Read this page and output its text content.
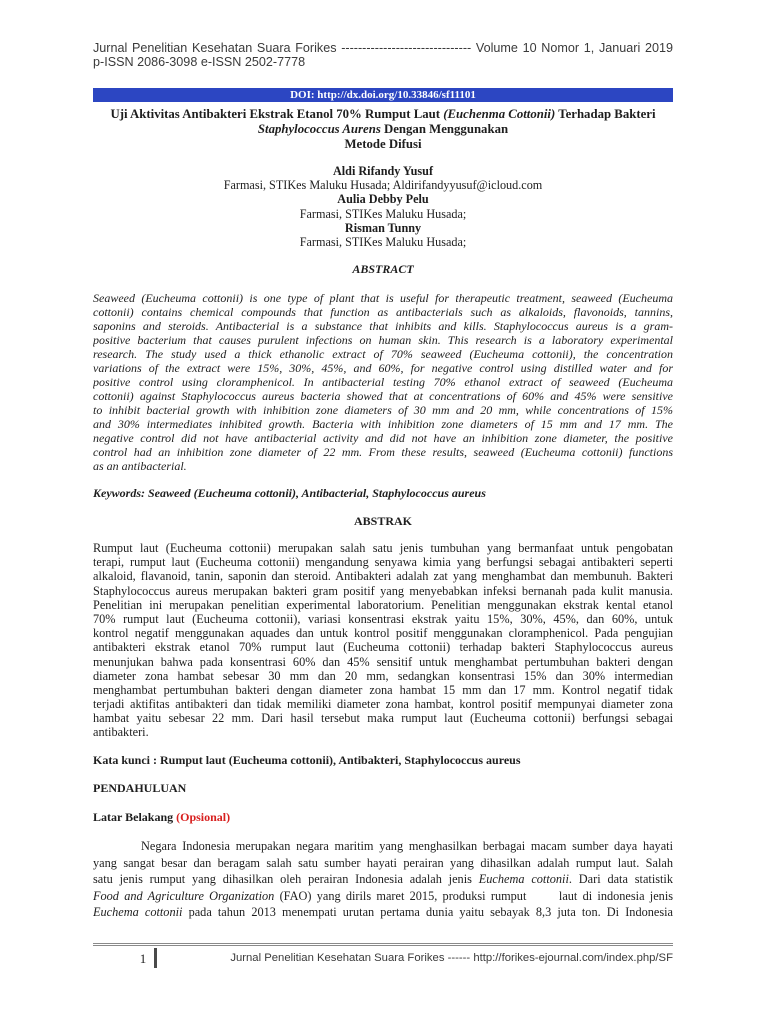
Jurnal Penelitian Kesehatan Suara Forikes ------------------------------- Volume 10 Nomor 1, Januari 2019
p-ISSN 2086-3098 e-ISSN 2502-7778
DOI: http://dx.doi.org/10.33846/sf11101
Uji Aktivitas Antibakteri Ekstrak Etanol 70% Rumput Laut (Euchenma Cottonii) Terhadap Bakteri
Staphylococcus Aurens Dengan Menggunakan
Metode Difusi
Aldi Rifandy Yusuf
Farmasi, STIKes Maluku Husada; Aldirifandyyusuf@icloud.com
Aulia Debby Pelu
Farmasi, STIKes Maluku Husada;
Risman Tunny
Farmasi, STIKes Maluku Husada;
ABSTRACT
Seaweed (Eucheuma cottonii) is one type of plant that is useful for therapeutic treatment, seaweed (Eucheuma
cottonii) contains chemical compounds that function as antibacterials such as alkaloids, flavonoids, tannins,
saponins and steroids. Antibacterial is a substance that inhibits and kills. Staphylococcus aureus is a gram-
positive bacterium that causes purulent infections on human skin. This research is a laboratory experimental
research. The study used a thick ethanolic extract of 70% seaweed (Eucheuma cottonii), the concentration
variations of the extract were 15%, 30%, 45%, and 60%, for negative control using distilled water and for
positive control using cloramphenicol. In antibacterial testing 70% ethanol extract of seaweed (Eucheuma
cottonii) against Staphylococcus aureus bacteria showed that at concentrations of 60% and 45% were sensitive
to inhibit bacterial growth with inhibition zone diameters of 30 mm and 20 mm, while concentrations of 15%
and 30% intermediates inhibited growth. Bacteria with inhibition zone diameters of 15 mm and 17 mm. The
negative control did not have antibacterial activity and did not have an inhibition zone diameter, the positive
control had an inhibition zone diameter of 22 mm. From these results, seaweed (Eucheuma cottonii) functions
as an antibacterial.
Keywords: Seaweed (Eucheuma cottonii), Antibacterial, Staphylococcus aureus
ABSTRAK
Rumput laut (Eucheuma cottonii) merupakan salah satu jenis tumbuhan yang bermanfaat untuk pengobatan
terapi, rumput laut (Eucheuma cottonii) mengandung senyawa kimia yang berfungsi sebagai antibakteri seperti
alkaloid, flavanoid, tanin, saponin dan steroid. Antibakteri adalah zat yang menghambat dan membunuh. Bakteri
Staphylococcus aureus merupakan bakteri gram positif yang menyebabkan infeksi bernanah pada kulit manusia.
Penelitian ini merupakan penelitian experimental laboratorium. Penelitian menggunakan ekstrak kental etanol
70% rumput laut (Eucheuma cottonii), variasi konsentrasi ekstrak yaitu 15%, 30%, 45%, dan 60%, untuk
kontrol negatif menggunakan aquades dan untuk kontrol positif menggunakan cloramphenicol. Pada pengujian
antibakteri ekstrak etanol 70% rumput laut (Eucheuma cottonii) terhadap bakteri Staphylococcus aureus
menunjukan bahwa pada konsentrasi 60% dan 45% sensitif untuk menghambat pertumbuhan bakteri dengan
diameter zona hambat sebesar 30 mm dan 20 mm, sedangkan konsentrasi 15% dan 30% intermedian
menghambat pertumbuhan bakteri dengan diameter zona hambat 15 mm dan 17 mm. Kontrol negatif tidak
terjadi aktifitas antibakteri dan tidak memiliki diameter zona hambat, kontrol positif mempunyai diameter zona
hambat yaitu sebesar 22 mm. Dari hasil tersebut maka rumput laut (Eucheuma cottonii) berfungsi sebagai
antibakteri.
Kata kunci : Rumput laut (Eucheuma cottonii), Antibakteri, Staphylococcus aureus
PENDAHULUAN
Latar Belakang (Opsional)
Negara Indonesia merupakan negara maritim yang menghasilkan berbagai macam sumber daya hayati
yang sangat besar dan beragam salah satu sumber hayati perairan yang dihasilkan adalah rumput laut. Salah
satu jenis rumput yang dihasilkan oleh perairan Indonesia adalah jenis Euchema cottonii. Dari data statistik
Food and Agriculture Organization (FAO) yang dirils maret 2015, produksi rumput	laut di indonesia jenis
Euchema cottonii pada tahun 2013 menempati urutan pertama dunia yaitu sebayak 8,3 juta ton. Di Indonesia
1	Jurnal Penelitian Kesehatan Suara Forikes ------ http://forikes-ejournal.com/index.php/SF
